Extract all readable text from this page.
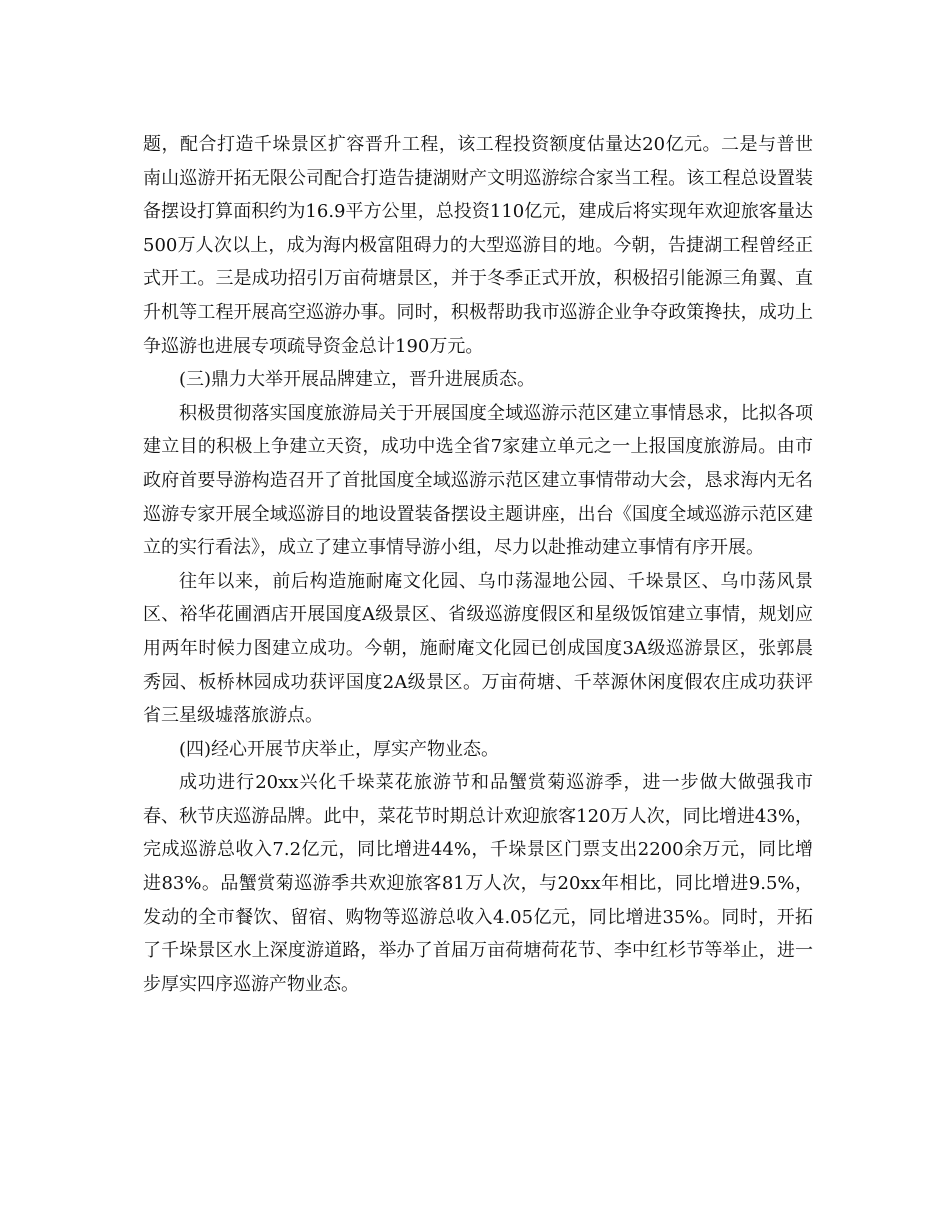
题，配合打造千垛景区扩容晋升工程，该工程投资额度估量达20亿元。二是与普世南山巡游开拓无限公司配合打造告捷湖财产文明巡游综合家当工程。该工程总设置装备摆设打算面积约为16.9平方公里，总投资110亿元，建成后将实现年欢迎旅客量达500万人次以上，成为海内极富阻碍力的大型巡游目的地。今朝，告捷湖工程曾经正式开工。三是成功招引万亩荷塘景区，并于冬季正式开放，积极招引能源三角翼、直升机等工程开展高空巡游办事。同时，积极帮助我市巡游企业争夺政策搀扶，成功上争巡游也进展专项疏导资金总计190万元。

(三)鼎力大举开展品牌建立，晋升进展质态。

积极贯彻落实国度旅游局关于开展国度全域巡游示范区建立事情恳求，比拟各项建立目的积极上争建立天资，成功中选全省7家建立单元之一上报国度旅游局。由市政府首要导游构造召开了首批国度全域巡游示范区建立事情带动大会，恳求海内无名巡游专家开展全域巡游目的地设置装备摆设主题讲座，出台《国度全域巡游示范区建立的实行看法》，成立了建立事情导游小组，尽力以赴推动建立事情有序开展。

往年以来，前后构造施耐庵文化园、乌巾荡湿地公园、千垛景区、乌巾荡风景区、裕华花圃酒店开展国度A级景区、省级巡游度假区和星级饭馆建立事情，规划应用两年时候力图建立成功。今朝，施耐庵文化园已创成国度3A级巡游景区，张郭晨秀园、板桥林园成功获评国度2A级景区。万亩荷塘、千萃源休闲度假农庄成功获评省三星级墟落旅游点。

(四)经心开展节庆举止，厚实产物业态。

成功进行20xx兴化千垛菜花旅游节和品蟹赏菊巡游季，进一步做大做强我市春、秋节庆巡游品牌。此中，菜花节时期总计欢迎旅客120万人次，同比增进43%，完成巡游总收入7.2亿元，同比增进44%，千垛景区门票支出2200余万元，同比增进83%。品蟹赏菊巡游季共欢迎旅客81万人次，与20xx年相比，同比增进9.5%，发动的全市餐饮、留宿、购物等巡游总收入4.05亿元，同比增进35%。同时，开拓了千垛景区水上深度游道路，举办了首届万亩荷塘荷花节、李中红杉节等举止，进一步厚实四序巡游产物业态。
